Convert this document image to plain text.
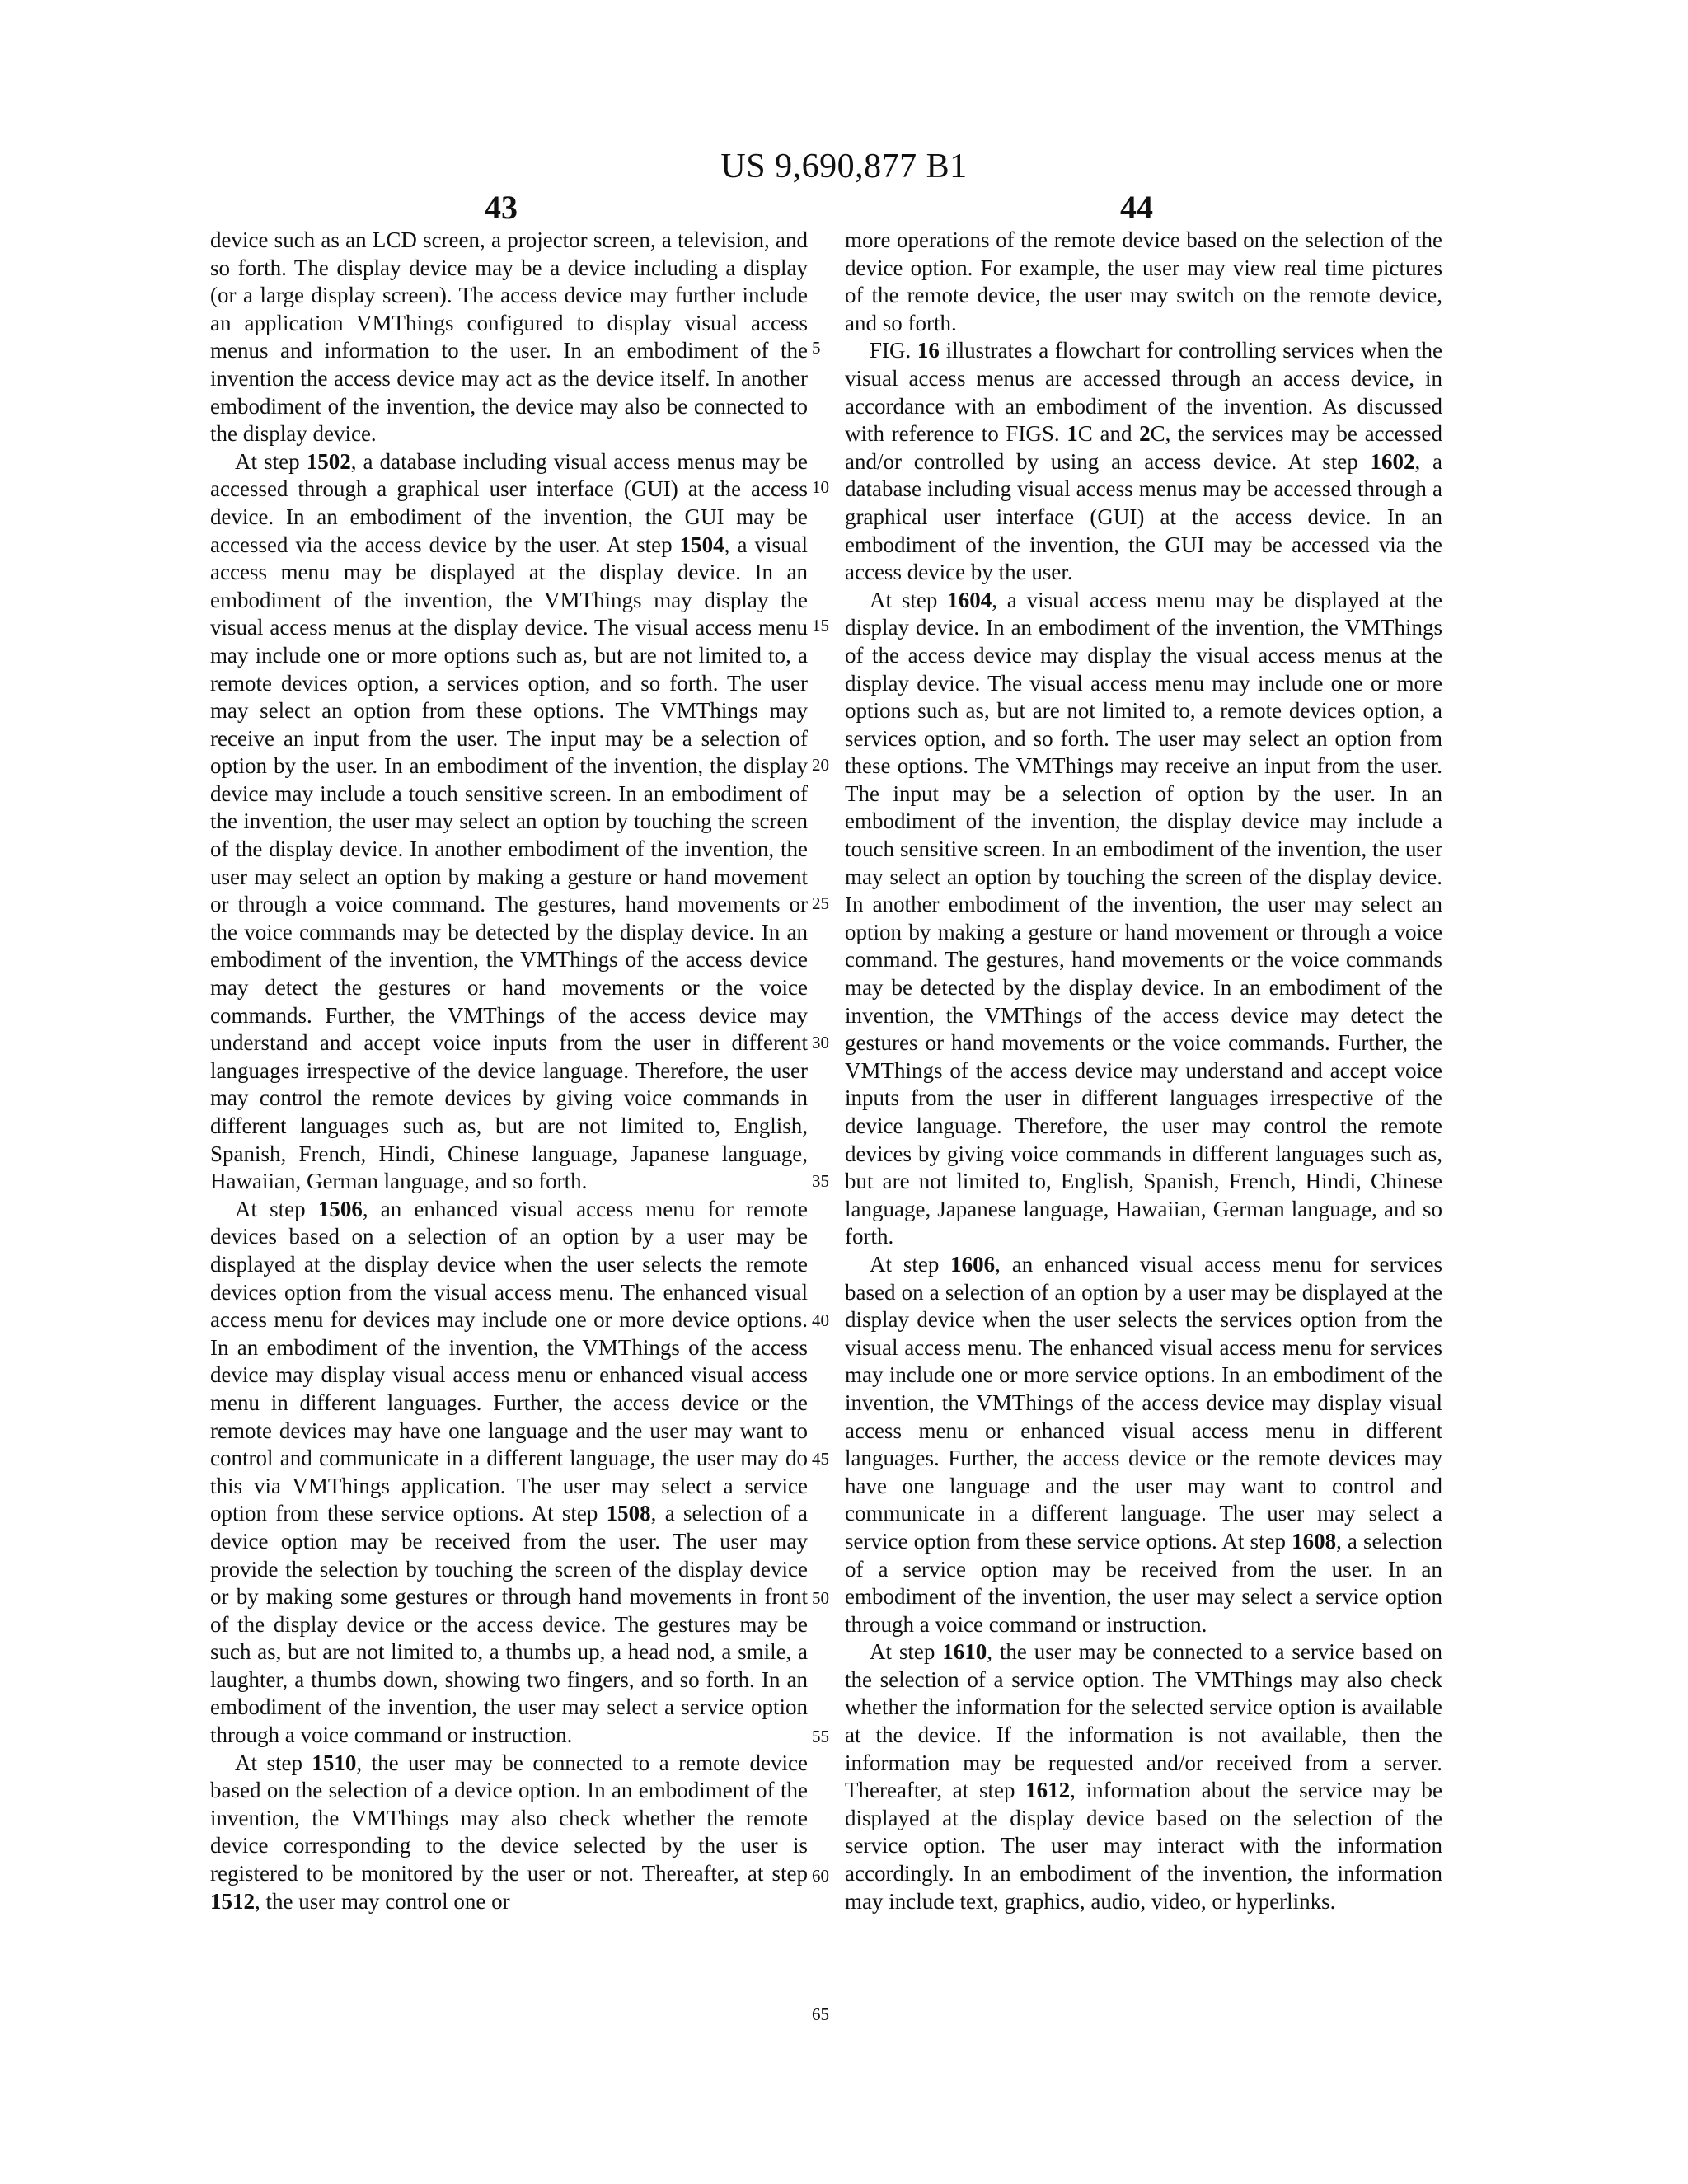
US 9,690,877 B1
43	44

device such as an LCD screen, a projector screen, a television, and so forth. The display device may be a device including a display (or a large display screen). The access device may further include an application VMThings configured to display visual access menus and information to the user. In an embodiment of the invention the access device may act as the device itself. In another embodiment of the invention, the device may also be connected to the display device.

At step 1502, a database including visual access menus may be accessed through a graphical user interface (GUI) at the access device. In an embodiment of the invention, the GUI may be accessed via the access device by the user. At step 1504, a visual access menu may be displayed at the display device. In an embodiment of the invention, the VMThings may display the visual access menus at the display device. The visual access menu may include one or more options such as, but are not limited to, a remote devices option, a services option, and so forth. The user may select an option from these options. The VMThings may receive an input from the user. The input may be a selection of option by the user. In an embodiment of the invention, the display device may include a touch sensitive screen. In an embodiment of the invention, the user may select an option by touching the screen of the display device. In another embodiment of the invention, the user may select an option by making a gesture or hand movement or through a voice command. The gestures, hand movements or the voice commands may be detected by the display device. In an embodiment of the invention, the VMThings of the access device may detect the gestures or hand movements or the voice commands. Further, the VMThings of the access device may understand and accept voice inputs from the user in different languages irrespective of the device language. Therefore, the user may control the remote devices by giving voice commands in different languages such as, but are not limited to, English, Spanish, French, Hindi, Chinese language, Japanese language, Hawaiian, German language, and so forth.

At step 1506, an enhanced visual access menu for remote devices based on a selection of an option by a user may be displayed at the display device when the user selects the remote devices option from the visual access menu. The enhanced visual access menu for devices may include one or more device options. In an embodiment of the invention, the VMThings of the access device may display visual access menu or enhanced visual access menu in different languages. Further, the access device or the remote devices may have one language and the user may want to control and communicate in a different language, the user may do this via VMThings application. The user may select a service option from these service options. At step 1508, a selection of a device option may be received from the user. The user may provide the selection by touching the screen of the display device or by making some gestures or through hand movements in front of the display device or the access device. The gestures may be such as, but are not limited to, a thumbs up, a head nod, a smile, a laughter, a thumbs down, showing two fingers, and so forth. In an embodiment of the invention, the user may select a service option through a voice command or instruction.

At step 1510, the user may be connected to a remote device based on the selection of a device option. In an embodiment of the invention, the VMThings may also check whether the remote device corresponding to the device selected by the user is registered to be monitored by the user or not. Thereafter, at step 1512, the user may control one or

more operations of the remote device based on the selection of the device option. For example, the user may view real time pictures of the remote device, the user may switch on the remote device, and so forth.

FIG. 16 illustrates a flowchart for controlling services when the visual access menus are accessed through an access device, in accordance with an embodiment of the invention. As discussed with reference to FIGS. 1C and 2C, the services may be accessed and/or controlled by using an access device. At step 1602, a database including visual access menus may be accessed through a graphical user interface (GUI) at the access device. In an embodiment of the invention, the GUI may be accessed via the access device by the user.

At step 1604, a visual access menu may be displayed at the display device. In an embodiment of the invention, the VMThings of the access device may display the visual access menus at the display device. The visual access menu may include one or more options such as, but are not limited to, a remote devices option, a services option, and so forth. The user may select an option from these options. The VMThings may receive an input from the user. The input may be a selection of option by the user. In an embodiment of the invention, the display device may include a touch sensitive screen. In an embodiment of the invention, the user may select an option by touching the screen of the display device. In another embodiment of the invention, the user may select an option by making a gesture or hand movement or through a voice command. The gestures, hand movements or the voice commands may be detected by the display device. In an embodiment of the invention, the VMThings of the access device may detect the gestures or hand movements or the voice commands. Further, the VMThings of the access device may understand and accept voice inputs from the user in different languages irrespective of the device language. Therefore, the user may control the remote devices by giving voice commands in different languages such as, but are not limited to, English, Spanish, French, Hindi, Chinese language, Japanese language, Hawaiian, German language, and so forth.

At step 1606, an enhanced visual access menu for services based on a selection of an option by a user may be displayed at the display device when the user selects the services option from the visual access menu. The enhanced visual access menu for services may include one or more service options. In an embodiment of the invention, the VMThings of the access device may display visual access menu or enhanced visual access menu in different languages. Further, the access device or the remote devices may have one language and the user may want to control and communicate in a different language. The user may select a service option from these service options. At step 1608, a selection of a service option may be received from the user. In an embodiment of the invention, the user may select a service option through a voice command or instruction.

At step 1610, the user may be connected to a service based on the selection of a service option. The VMThings may also check whether the information for the selected service option is available at the device. If the information is not available, then the information may be requested and/or received from a server. Thereafter, at step 1612, information about the service may be displayed at the display device based on the selection of the service option. The user may interact with the information accordingly. In an embodiment of the invention, the information may include text, graphics, audio, video, or hyperlinks.

5
10
15
20
25
30
35
40
45
50
55
60
65
